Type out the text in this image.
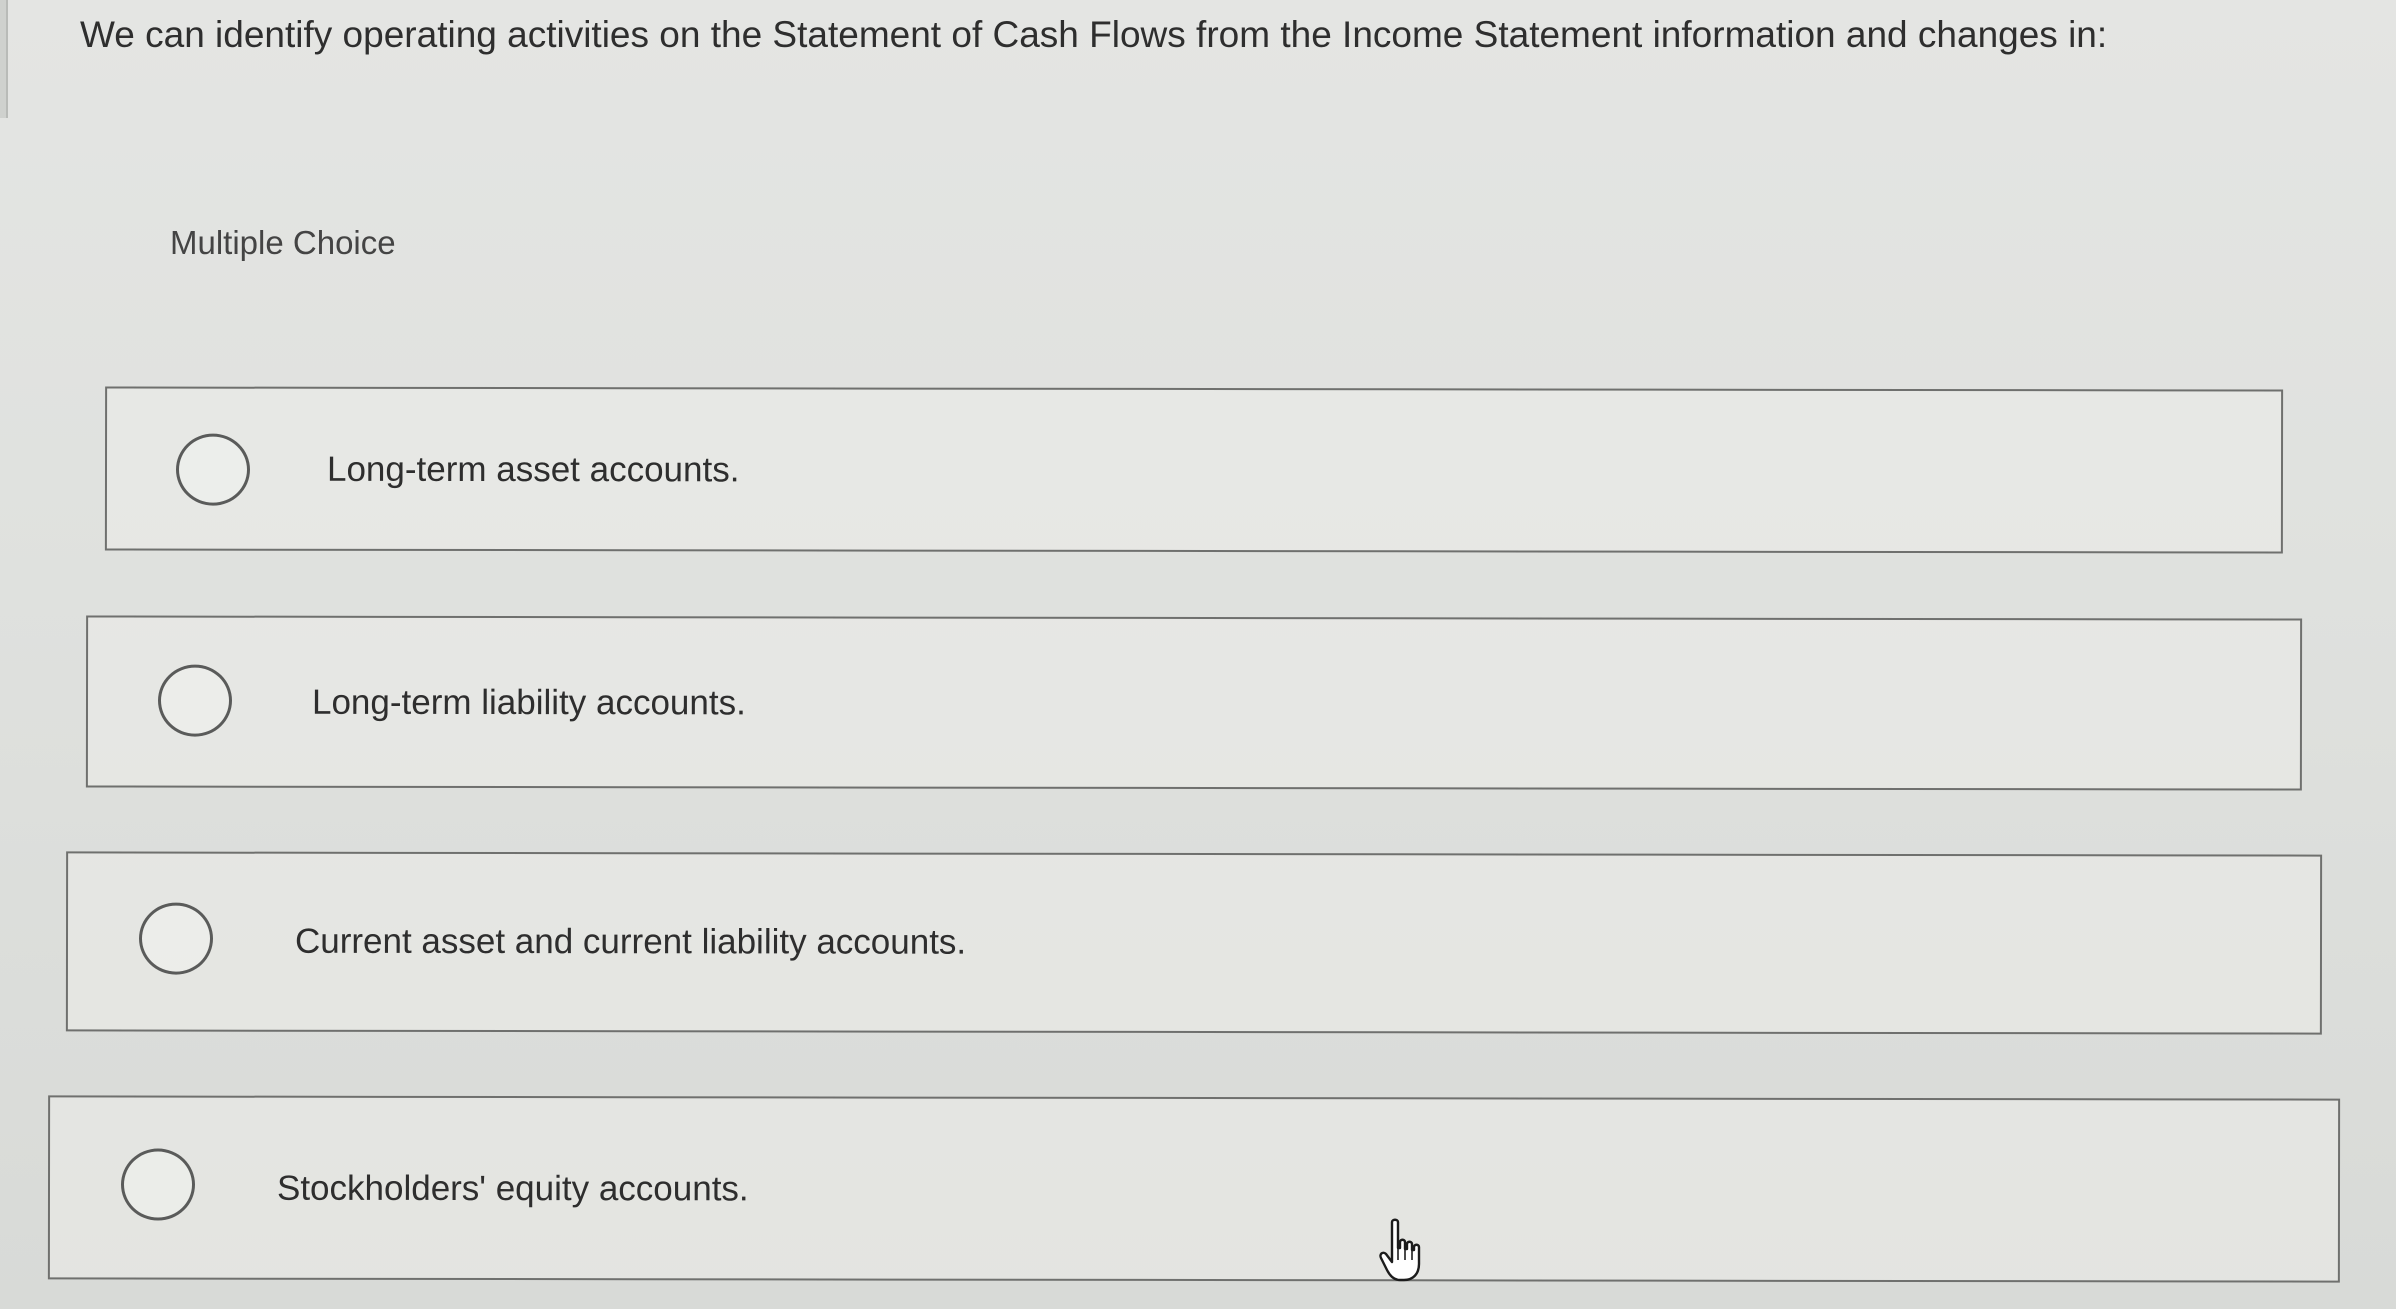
We can identify operating activities on the Statement of Cash Flows from the Income Statement information and changes in:
Multiple Choice
Long-term asset accounts.
Long-term liability accounts.
Current asset and current liability accounts.
Stockholders' equity accounts.
